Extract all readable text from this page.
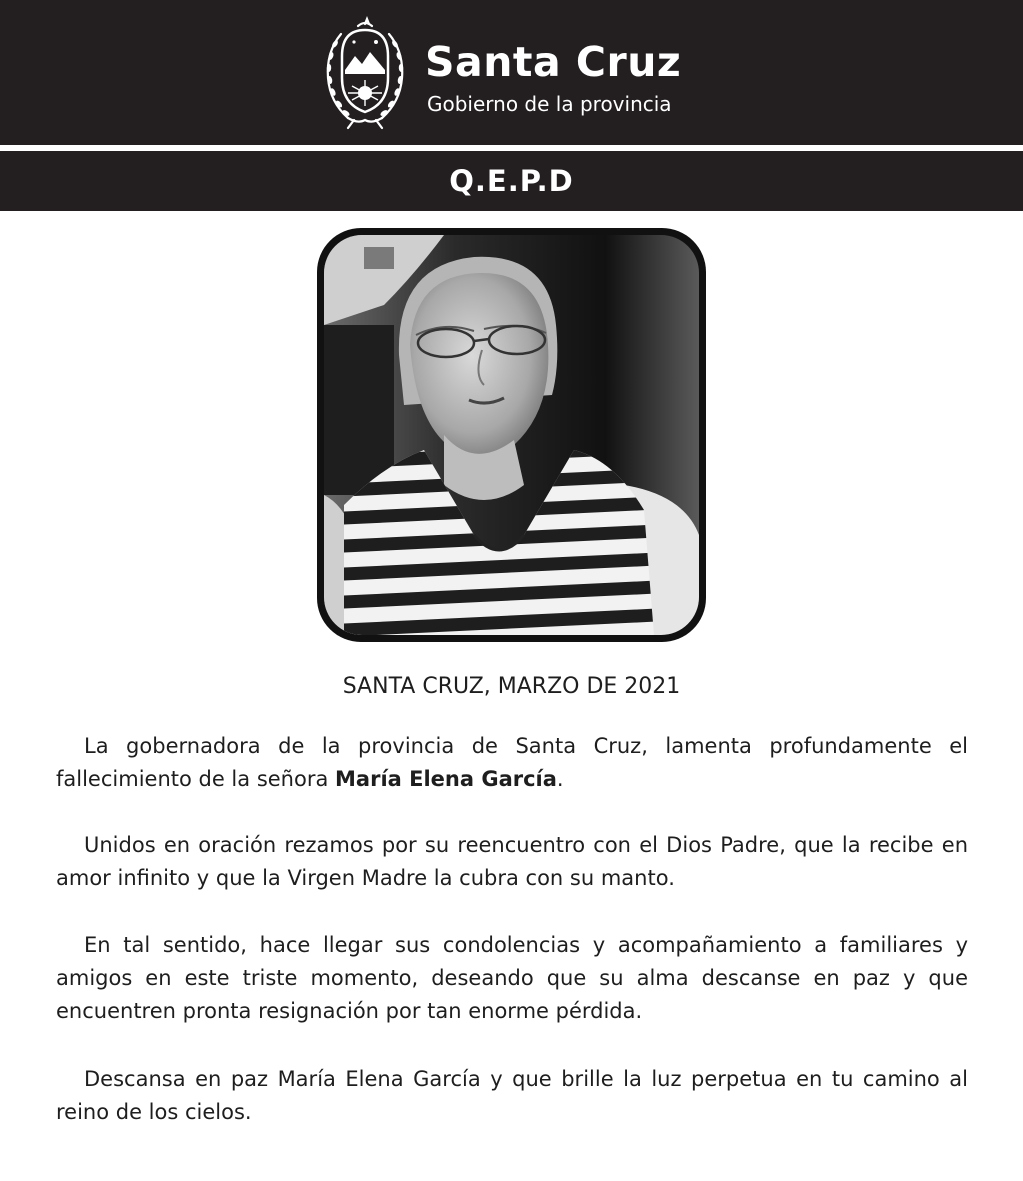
Santa Cruz
Gobierno de la provincia
Q.E.P.D
SANTA CRUZ, MARZO DE 2021

La gobernadora de la provincia de Santa Cruz, lamenta profundamente el fallecimiento de la señora María Elena García.

Unidos en oración rezamos por su reencuentro con el Dios Padre, que la recibe en amor infinito y que la Virgen Madre la cubra con su manto.

En tal sentido, hace llegar sus condolencias y acompañamiento a familiares y amigos en este triste momento, deseando que su alma descanse en paz y que encuentren pronta resignación por tan enorme pérdida.

Descansa en paz María Elena García y que brille la luz perpetua en tu camino al reino de los cielos.
